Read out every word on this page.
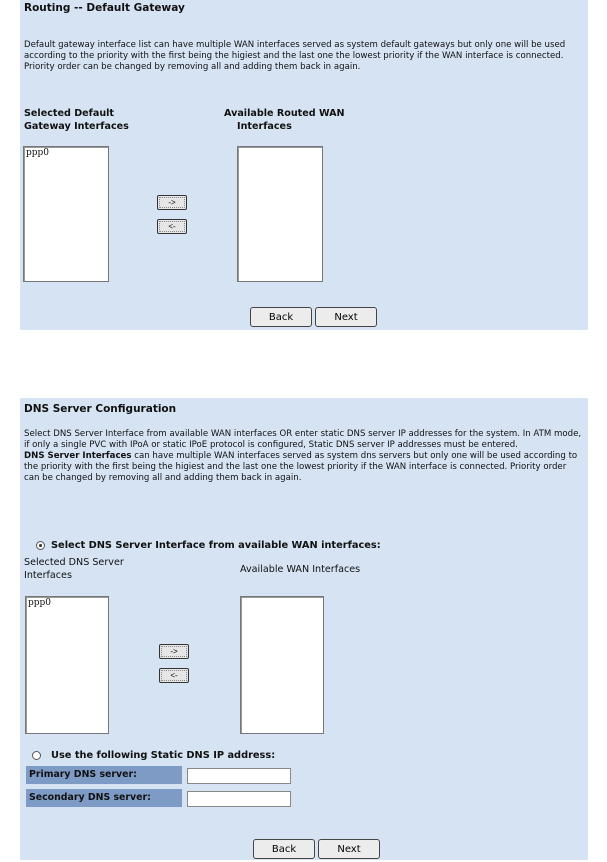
Routing -- Default Gateway
Default gateway interface list can have multiple WAN interfaces served as system default gateways but only one will be used according to the priority with the first being the higiest and the last one the lowest priority if the WAN interface is connected. Priority order can be changed by removing all and adding them back in again.
Selected Default
Gateway Interfaces
Available Routed WAN
Interfaces
ppp0
->
<-
Back	Next
DNS Server Configuration
Select DNS Server Interface from available WAN interfaces OR enter static DNS server IP addresses for the system. In ATM mode, if only a single PVC with IPoA or static IPoE protocol is configured, Static DNS server IP addresses must be entered.
DNS Server Interfaces can have multiple WAN interfaces served as system dns servers but only one will be used according to the priority with the first being the higiest and the last one the lowest priority if the WAN interface is connected. Priority order can be changed by removing all and adding them back in again.
Select DNS Server Interface from available WAN interfaces:
Selected DNS Server
Interfaces
Available WAN Interfaces
ppp0
->
<-
Use the following Static DNS IP address:
Primary DNS server:
Secondary DNS server:
Back	Next
